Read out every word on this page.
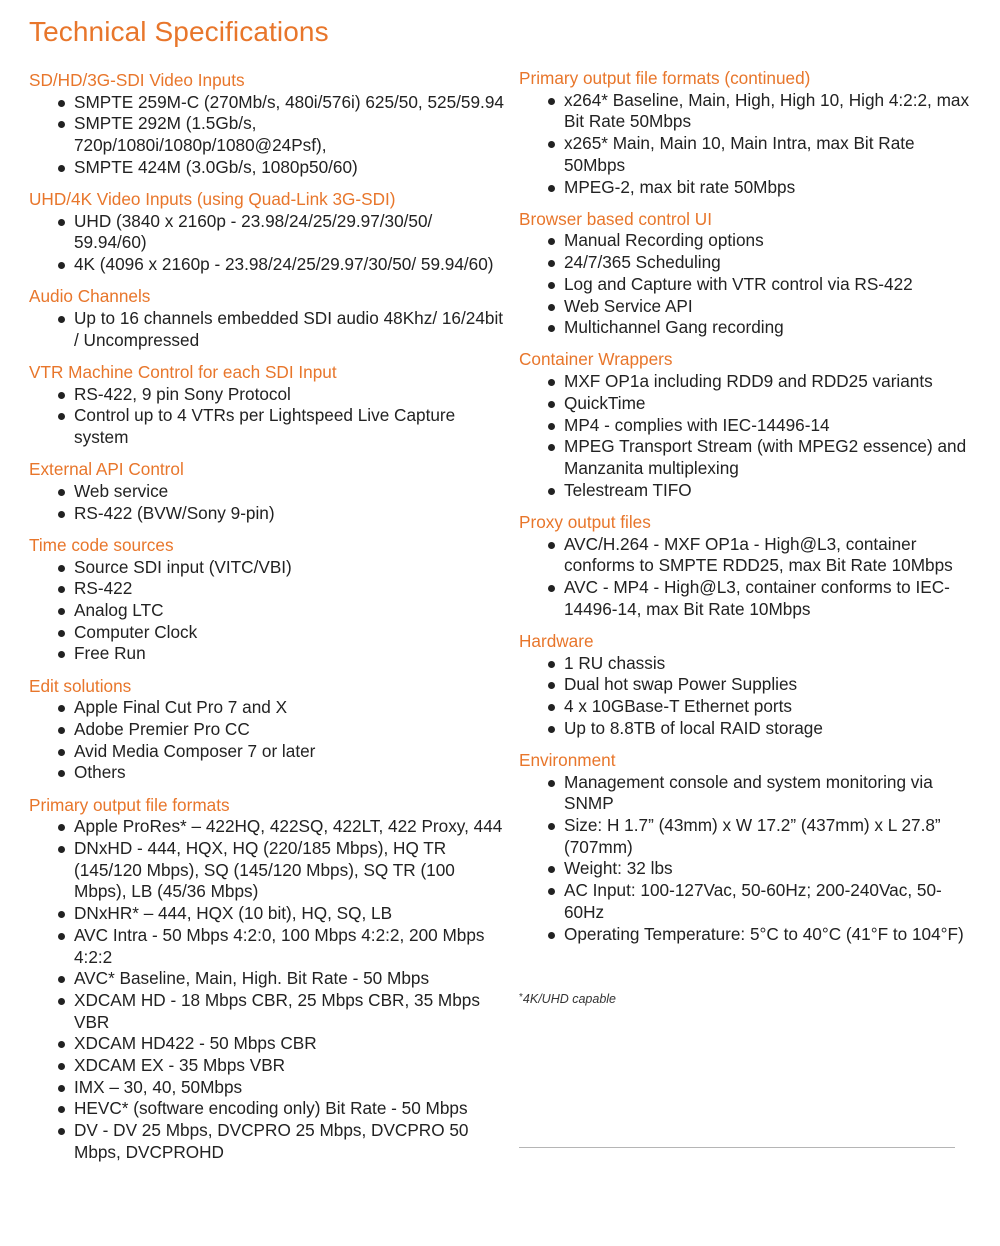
Technical Specifications
SD/HD/3G-SDI Video Inputs
SMPTE 259M-C (270Mb/s, 480i/576i) 625/50, 525/59.94
SMPTE 292M (1.5Gb/s, 720p/1080i/1080p/1080@24Psf),
SMPTE 424M (3.0Gb/s, 1080p50/60)
UHD/4K Video Inputs (using Quad-Link 3G-SDI)
UHD (3840 x 2160p - 23.98/24/25/29.97/30/50/ 59.94/60)
4K (4096 x 2160p - 23.98/24/25/29.97/30/50/ 59.94/60)
Audio Channels
Up to 16 channels embedded SDI audio 48Khz/ 16/24bit / Uncompressed
VTR Machine Control for each SDI Input
RS-422, 9 pin Sony Protocol
Control up to 4 VTRs per Lightspeed Live Capture system
External API Control
Web service
RS-422 (BVW/Sony 9-pin)
Time code sources
Source SDI input (VITC/VBI)
RS-422
Analog LTC
Computer Clock
Free Run
Edit solutions
Apple Final Cut Pro 7 and X
Adobe Premier Pro CC
Avid Media Composer 7 or later
Others
Primary output file formats
Apple ProRes* – 422HQ, 422SQ, 422LT, 422 Proxy, 444
DNxHD - 444, HQX, HQ (220/185 Mbps), HQ TR (145/120 Mbps), SQ (145/120 Mbps), SQ TR (100 Mbps), LB (45/36 Mbps)
DNxHR* – 444, HQX (10 bit), HQ, SQ, LB
AVC Intra - 50 Mbps 4:2:0, 100 Mbps 4:2:2, 200 Mbps 4:2:2
AVC* Baseline, Main, High. Bit Rate - 50 Mbps
XDCAM HD - 18 Mbps CBR, 25 Mbps CBR, 35 Mbps VBR
XDCAM HD422 - 50 Mbps CBR
XDCAM EX - 35 Mbps VBR
IMX – 30, 40, 50Mbps
HEVC* (software encoding only) Bit Rate - 50 Mbps
DV - DV 25 Mbps, DVCPRO 25 Mbps, DVCPRO 50 Mbps, DVCPROHD
Primary output file formats (continued)
x264* Baseline, Main, High, High 10, High 4:2:2, max Bit Rate 50Mbps
x265* Main, Main 10, Main Intra, max Bit Rate 50Mbps
MPEG-2, max bit rate 50Mbps
Browser based control UI
Manual Recording options
24/7/365 Scheduling
Log and Capture with VTR control via RS-422
Web Service API
Multichannel Gang recording
Container Wrappers
MXF OP1a including RDD9 and RDD25 variants
QuickTime
MP4 - complies with IEC-14496-14
MPEG Transport Stream (with MPEG2 essence) and Manzanita multiplexing
Telestream TIFO
Proxy output files
AVC/H.264 - MXF OP1a - High@L3, container conforms to SMPTE RDD25, max Bit Rate 10Mbps
AVC - MP4 - High@L3, container conforms to IEC-14496-14, max Bit Rate 10Mbps
Hardware
1 RU chassis
Dual hot swap Power Supplies
4 x 10GBase-T Ethernet ports
Up to 8.8TB of local RAID storage
Environment
Management console and system monitoring via SNMP
Size: H 1.7” (43mm) x W 17.2” (437mm) x L 27.8” (707mm)
Weight: 32 lbs
AC Input: 100-127Vac, 50-60Hz; 200-240Vac, 50-60Hz
Operating Temperature: 5°C to 40°C (41°F to 104°F)
*4K/UHD capable
